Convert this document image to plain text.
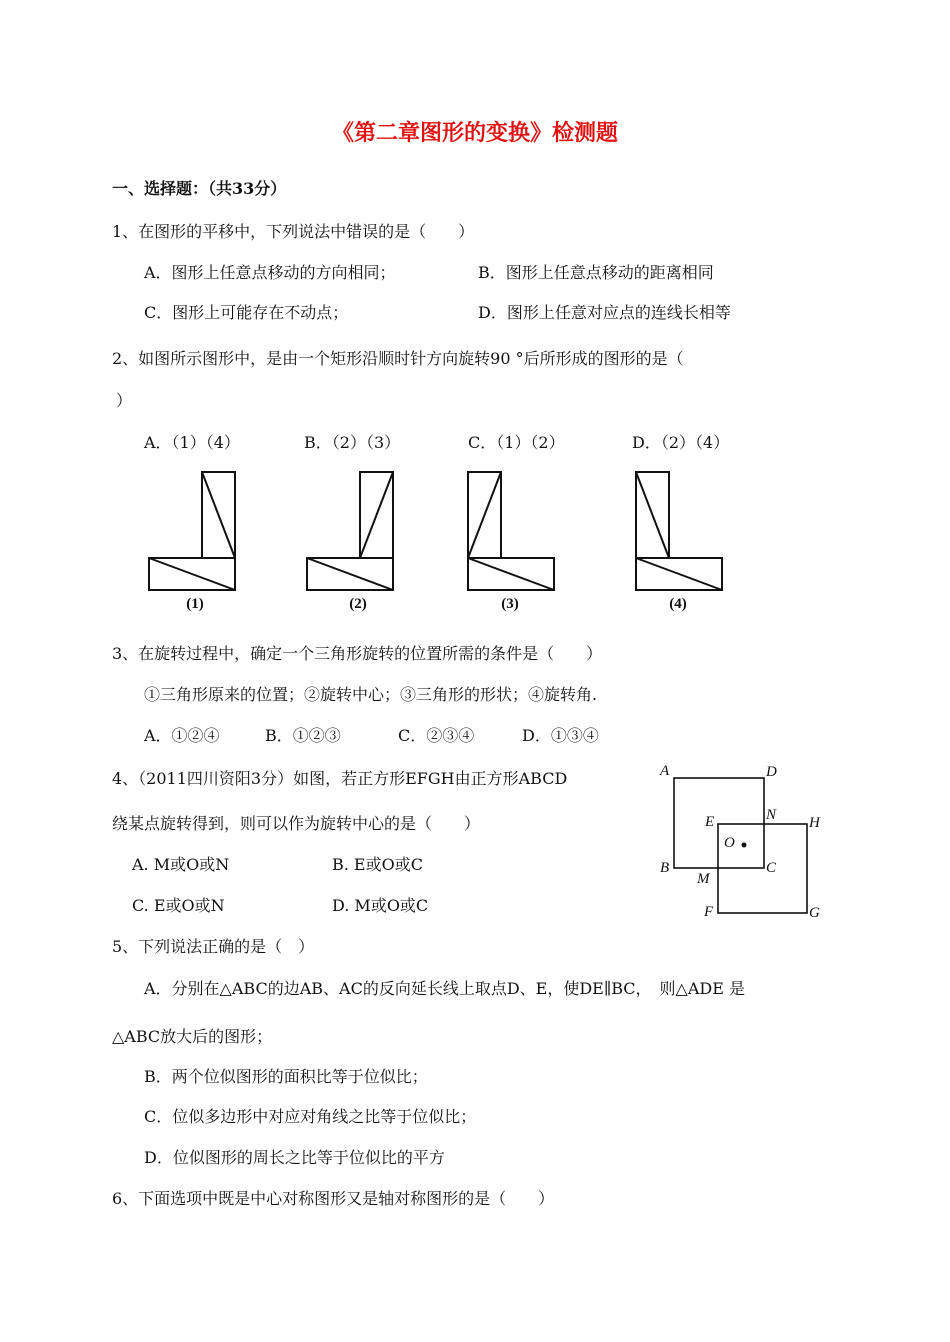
《第二章图形的变换》检测题
一、选择题：（共33分）
1、在图形的平移中，下列说法中错误的是（　　）
A．图形上任意点移动的方向相同；	B．图形上任意点移动的距离相同
C．图形上可能存在不动点；	D．图形上任意对应点的连线长相等
2、如图所示图形中，是由一个矩形沿顺时针方向旋转90 °后所形成的图形的是（
）
A．（1）（4）	B．（2）（3）	C．（1）（2）	D．（2）（4）
(1)	(2)	(3)	(4)
3、在旋转过程中，确定一个三角形旋转的位置所需的条件是（　　）
①三角形原来的位置；②旋转中心；③三角形的形状；④旋转角.
A．①②④	B．①②③	C．②③④	D．①③④
4、（2011四川资阳3分）如图，若正方形EFGH由正方形ABCD
绕某点旋转得到，则可以作为旋转中心的是（　　）
A. M或O或N	B. E或O或C
C. E或O或N	D. M或O或C
A	D
E	N H
O
B
M
C
F	G
5、下列说法正确的是（　）
A．分别在△ABC的边AB、AC的反向延长线上取点D、E，使DE∥BC，　则△ADE 是
△ABC放大后的图形；
B．两个位似图形的面积比等于位似比；
C．位似多边形中对应对角线之比等于位似比；
D．位似图形的周长之比等于位似比的平方
6、下面选项中既是中心对称图形又是轴对称图形的是（　　）
